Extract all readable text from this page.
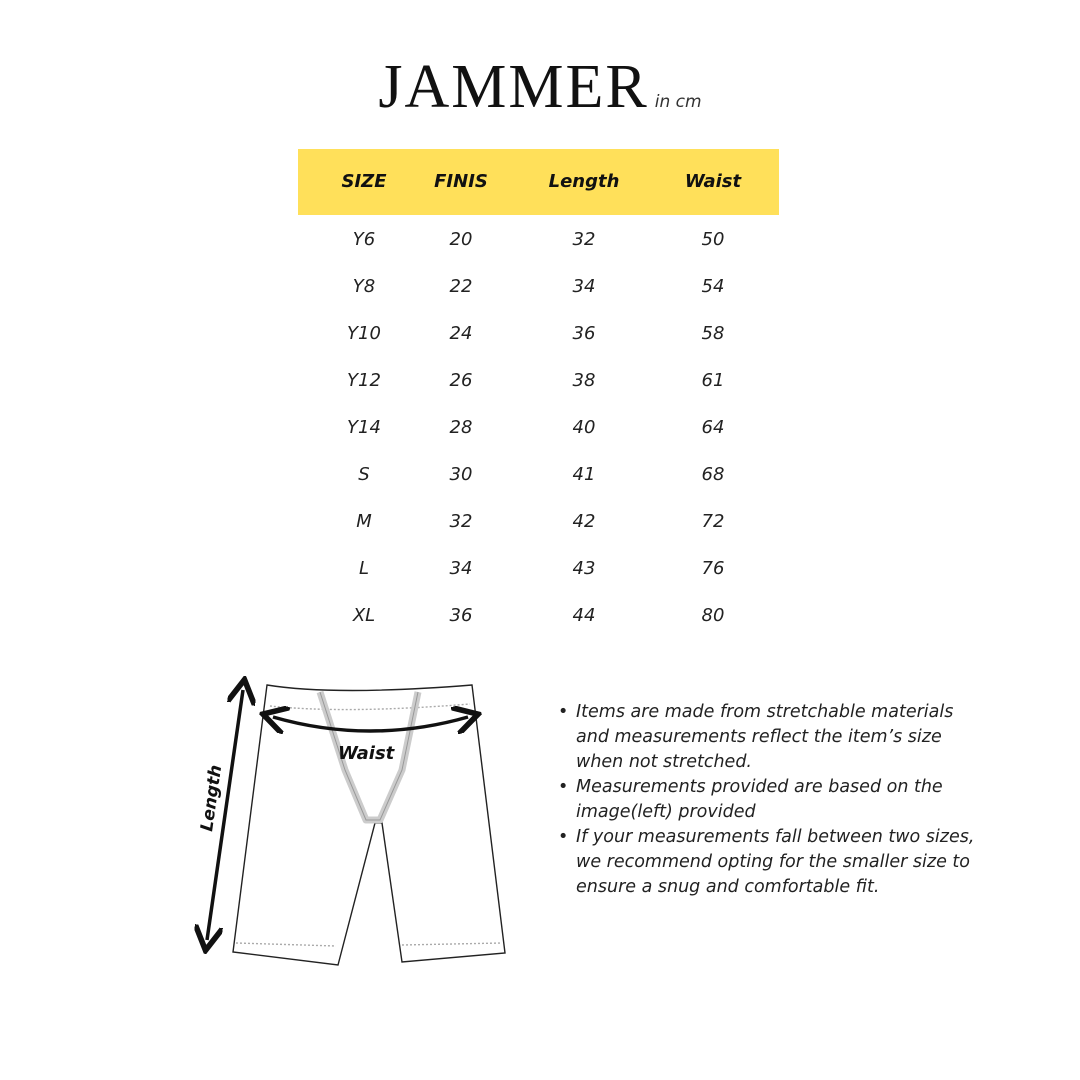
JAMMER in cm
SIZE	FINIS	Length	Waist
Y6	20	32	50
Y8	22	34	54
Y10	24	36	58
Y12	26	38	61
Y14	28	40	64
S	30	41	68
M	32	42	72
L	34	43	76
XL	36	44	80
Waist
Length
• Items are made from stretchable materials and measurements reflect the item’s size when not stretched.
• Measurements provided are based on the image(left) provided
• If your measurements fall between two sizes, we recommend opting for the smaller size to ensure a snug and comfortable fit.
